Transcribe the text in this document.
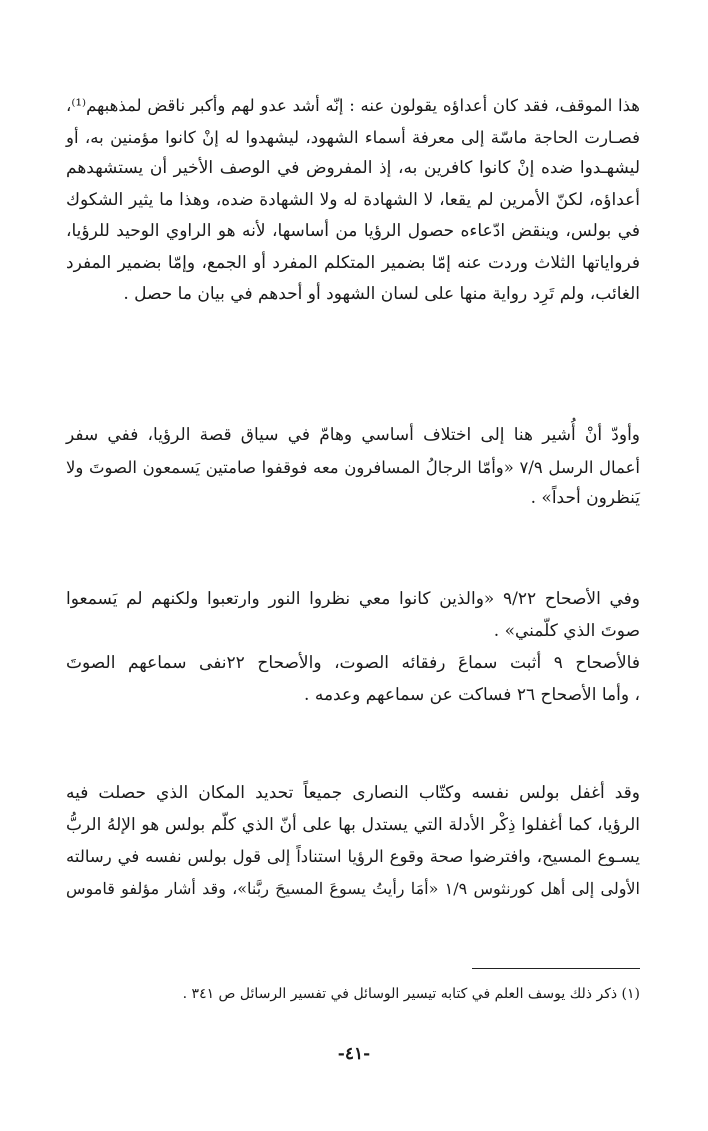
هذا الموقف، فقد كان أعداؤه يقولون عنه : إنّه أشد عدو لهم وأكبر ناقض لمذهبهم⁽¹⁾،
فصـارت الحاجة ماسّة إلى معرفة أسماء الشهود، ليشهدوا له إنْ كانوا مؤمنين به، أو
ليشهـدوا ضده إنْ كانوا كافرين به، إذ المفروض في الوصف الأخير أن يستشهدهم
أعداؤه، لكنّ الأمرين لم يقعا، لا الشهادة له ولا الشهادة ضده، وهذا ما يثير الشكوك
في بولس، وينقض ادّعاءه حصول الرؤيا من أساسها، لأنه هو الراوي الوحيد للرؤيا،
فرواياتها الثلاث وردت عنه إمّا بضمير المتكلم المفرد أو الجمع، وإمّا بضمير المفرد
الغائب، ولم تَرِد رواية منها على لسان الشهود أو أحدهم في بيان ما حصل .
وأودّ أنْ أُشير هنا إلى اختلاف أساسي وهامّ في سياق قصة الرؤيا، ففي سفر
أعمال الرسل ٧/٩ «وأمّا الرجالُ المسافرون معه فوقفوا صامتين يَسمعون الصوتَ ولا
يَنظرون أحداً» .
وفي الأصحاح ٩/٢٢ «والذين كانوا معي نظروا النور وارتعبوا ولكنهم لم يَسمعوا
صوتَ الذي كلّمني» .
فالأصحاح ٩ أثبت سماعَ رفقائه الصوت، والأصحاح ٢٢نفى سماعهم الصوتَ
، وأما الأصحاح ٢٦ فساكت عن سماعهم وعدمه .
وقد أغفل بولس نفسه وكتّاب النصارى جميعاً تحديد المكان الذي حصلت فيه
الرؤيا، كما أغفلوا ذِكْر الأدلة التي يستدل بها على أنّ الذي كلّم بولس هو الإلهُ الربُّ
يسـوع المسيح، وافترضوا صحة وقوع الرؤيا استناداً إلى قول بولس نفسه في رسالته
الأولى إلى أهل كورنثوس ١/٩ «أمَا رأيتُ يسوعَ المسيحَ ربَّنا»، وقد أشار مؤلفو قاموس
(١) ذكر ذلك يوسف العلم في كتابه تيسير الوسائل في تفسير الرسائل ص ٣٤١ .
-٤١-
